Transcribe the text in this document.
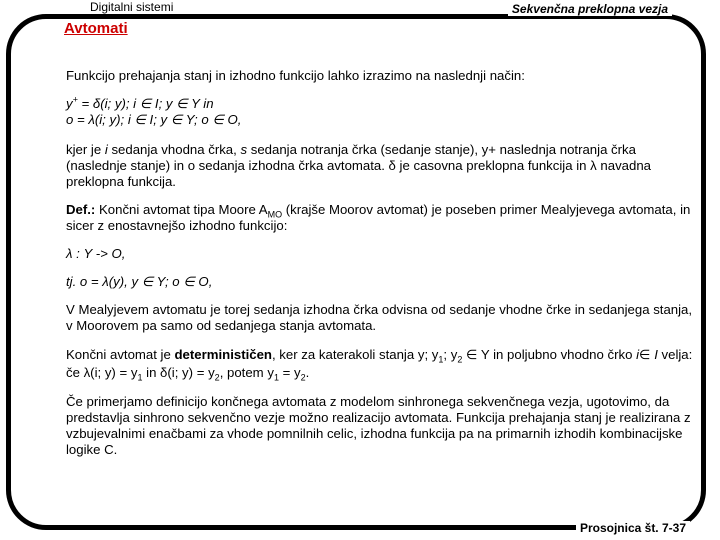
Digitalni sistemi	Sekvenčna preklopna vezja
Avtomati

Funkcijo prehajanja stanj in izhodno funkcijo lahko izrazimo na naslednji način:

y+ = δ(i; y); i ∈ I; y ∈ Y in
o = λ(i; y); i ∈ I; y ∈ Y; o ∈ O,

kjer je i sedanja vhodna črka, s sedanja notranja črka (sedanje stanje), y+ naslednja notranja črka (naslednje stanje) in o sedanja izhodna črka avtomata. δ je casovna preklopna funkcija in λ navadna preklopna funkcija.

Def.: Končni avtomat tipa Moore $A_{MO}$ (krajše Moorov avtomat) je poseben primer Mealyjevega avtomata, in sicer z enostavnejšo izhodno funkcijo:

λ : Y -> O,

tj. o = λ(y), y ∈ Y; o ∈ O,

V Mealyjevem avtomatu je torej sedanja izhodna črka odvisna od sedanje vhodne črke in sedanjega stanja, v Moorovem pa samo od sedanjega stanja avtomata.

Končni avtomat je determinističen, ker za katerakoli stanja y; $y_1$; $y_2$ ∈ Y in poljubno vhodno črko i∈ I velja: če λ(i; $y) = y_1$ in δ(i; $y) = y_2$, potem $y_1 = y_2$.

Če primerjamo definicijo končnega avtomata z modelom sinhronega sekvenčnega vezja, ugotovimo, da predstavlja sinhrono sekvenčno vezje možno realizacijo avtomata. Funkcija prehajanja stanj je realizirana z vzbujevalnimi enačbami za vhode pomnilnih celic, izhodna funkcija pa na primarnih izhodih kombinacijske logike C.

Prosojnica št. 7-37
